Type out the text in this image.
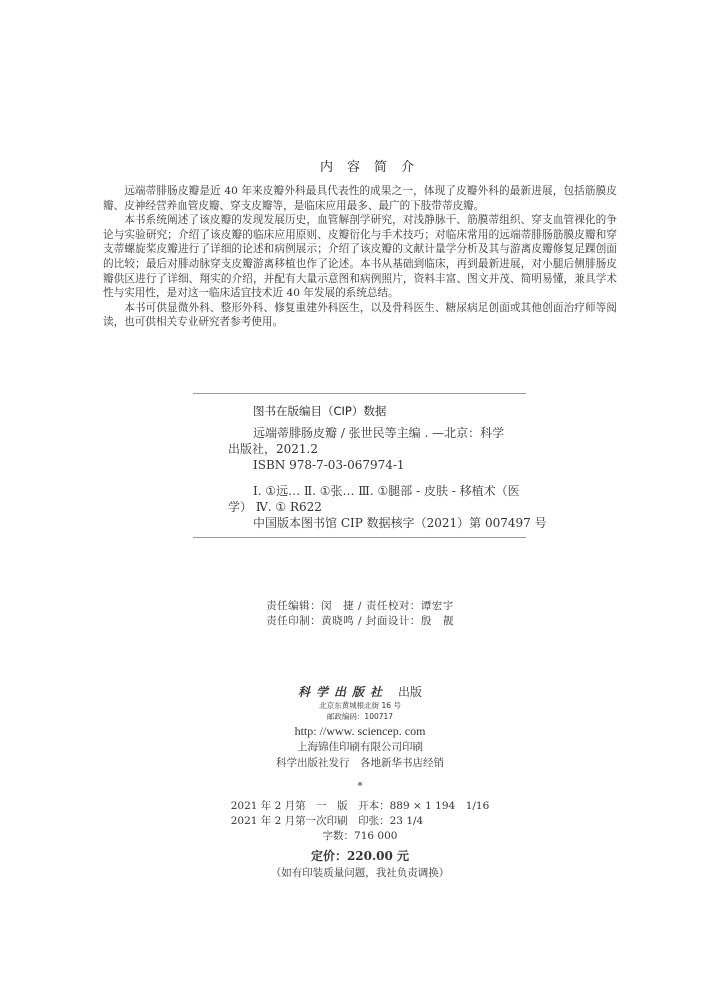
内容简介

远端蒂腓肠皮瓣是近 40 年来皮瓣外科最具代表性的成果之一，体现了皮瓣外科的最新进展，包括筋膜皮瓣、皮神经营养血管皮瓣、穿支皮瓣等，是临床应用最多、最广的下肢带蒂皮瓣。

本书系统阐述了该皮瓣的发现发展历史，血管解剖学研究，对浅静脉干、筋膜蒂组织、穿支血管裸化的争论与实验研究；介绍了该皮瓣的临床应用原则、皮瓣衍化与手术技巧；对临床常用的远端蒂腓肠筋膜皮瓣和穿支蒂螺旋桨皮瓣进行了详细的论述和病例展示；介绍了该皮瓣的文献计量学分析及其与游离皮瓣修复足踝创面的比较；最后对腓动脉穿支皮瓣游离移植也作了论述。本书从基础到临床，再到最新进展，对小腿后侧腓肠皮瓣供区进行了详细、翔实的介绍，并配有大量示意图和病例照片，资料丰富、图文并茂、简明易懂，兼具学术性与实用性，是对这一临床适宜技术近 40 年发展的系统总结。

本书可供显微外科、整形外科、修复重建外科医生，以及骨科医生、糖尿病足创面或其他创面治疗师等阅读，也可供相关专业研究者参考使用。

图书在版编目（CIP）数据
远端蒂腓肠皮瓣 / 张世民等主编 . —北京：科学
出版社，2021.2
ISBN 978-7-03-067974-1
Ⅰ. ①远… Ⅱ. ①张… Ⅲ. ①腿部 - 皮肤 - 移植术（医
学） Ⅳ. ① R622
中国版本图书馆 CIP 数据核字（2021）第 007497 号
责任编辑：闵　捷 / 责任校对：谭宏宇
责任印制：黄晓鸣 / 封面设计：殷　靓
科学出版社 出版
北京东黄城根北街 16 号
邮政编码：100717
http: //www. sciencep. com
上海锦佳印刷有限公司印刷
科学出版社发行　各地新华书店经销
*
2021 年 2 月第　一　版　开本：889 × 1 194　1/16
2021 年 2 月第一次印刷　印张：23 1/4
字数：716 000
定价：220.00 元
（如有印装质量问题，我社负责调换）
